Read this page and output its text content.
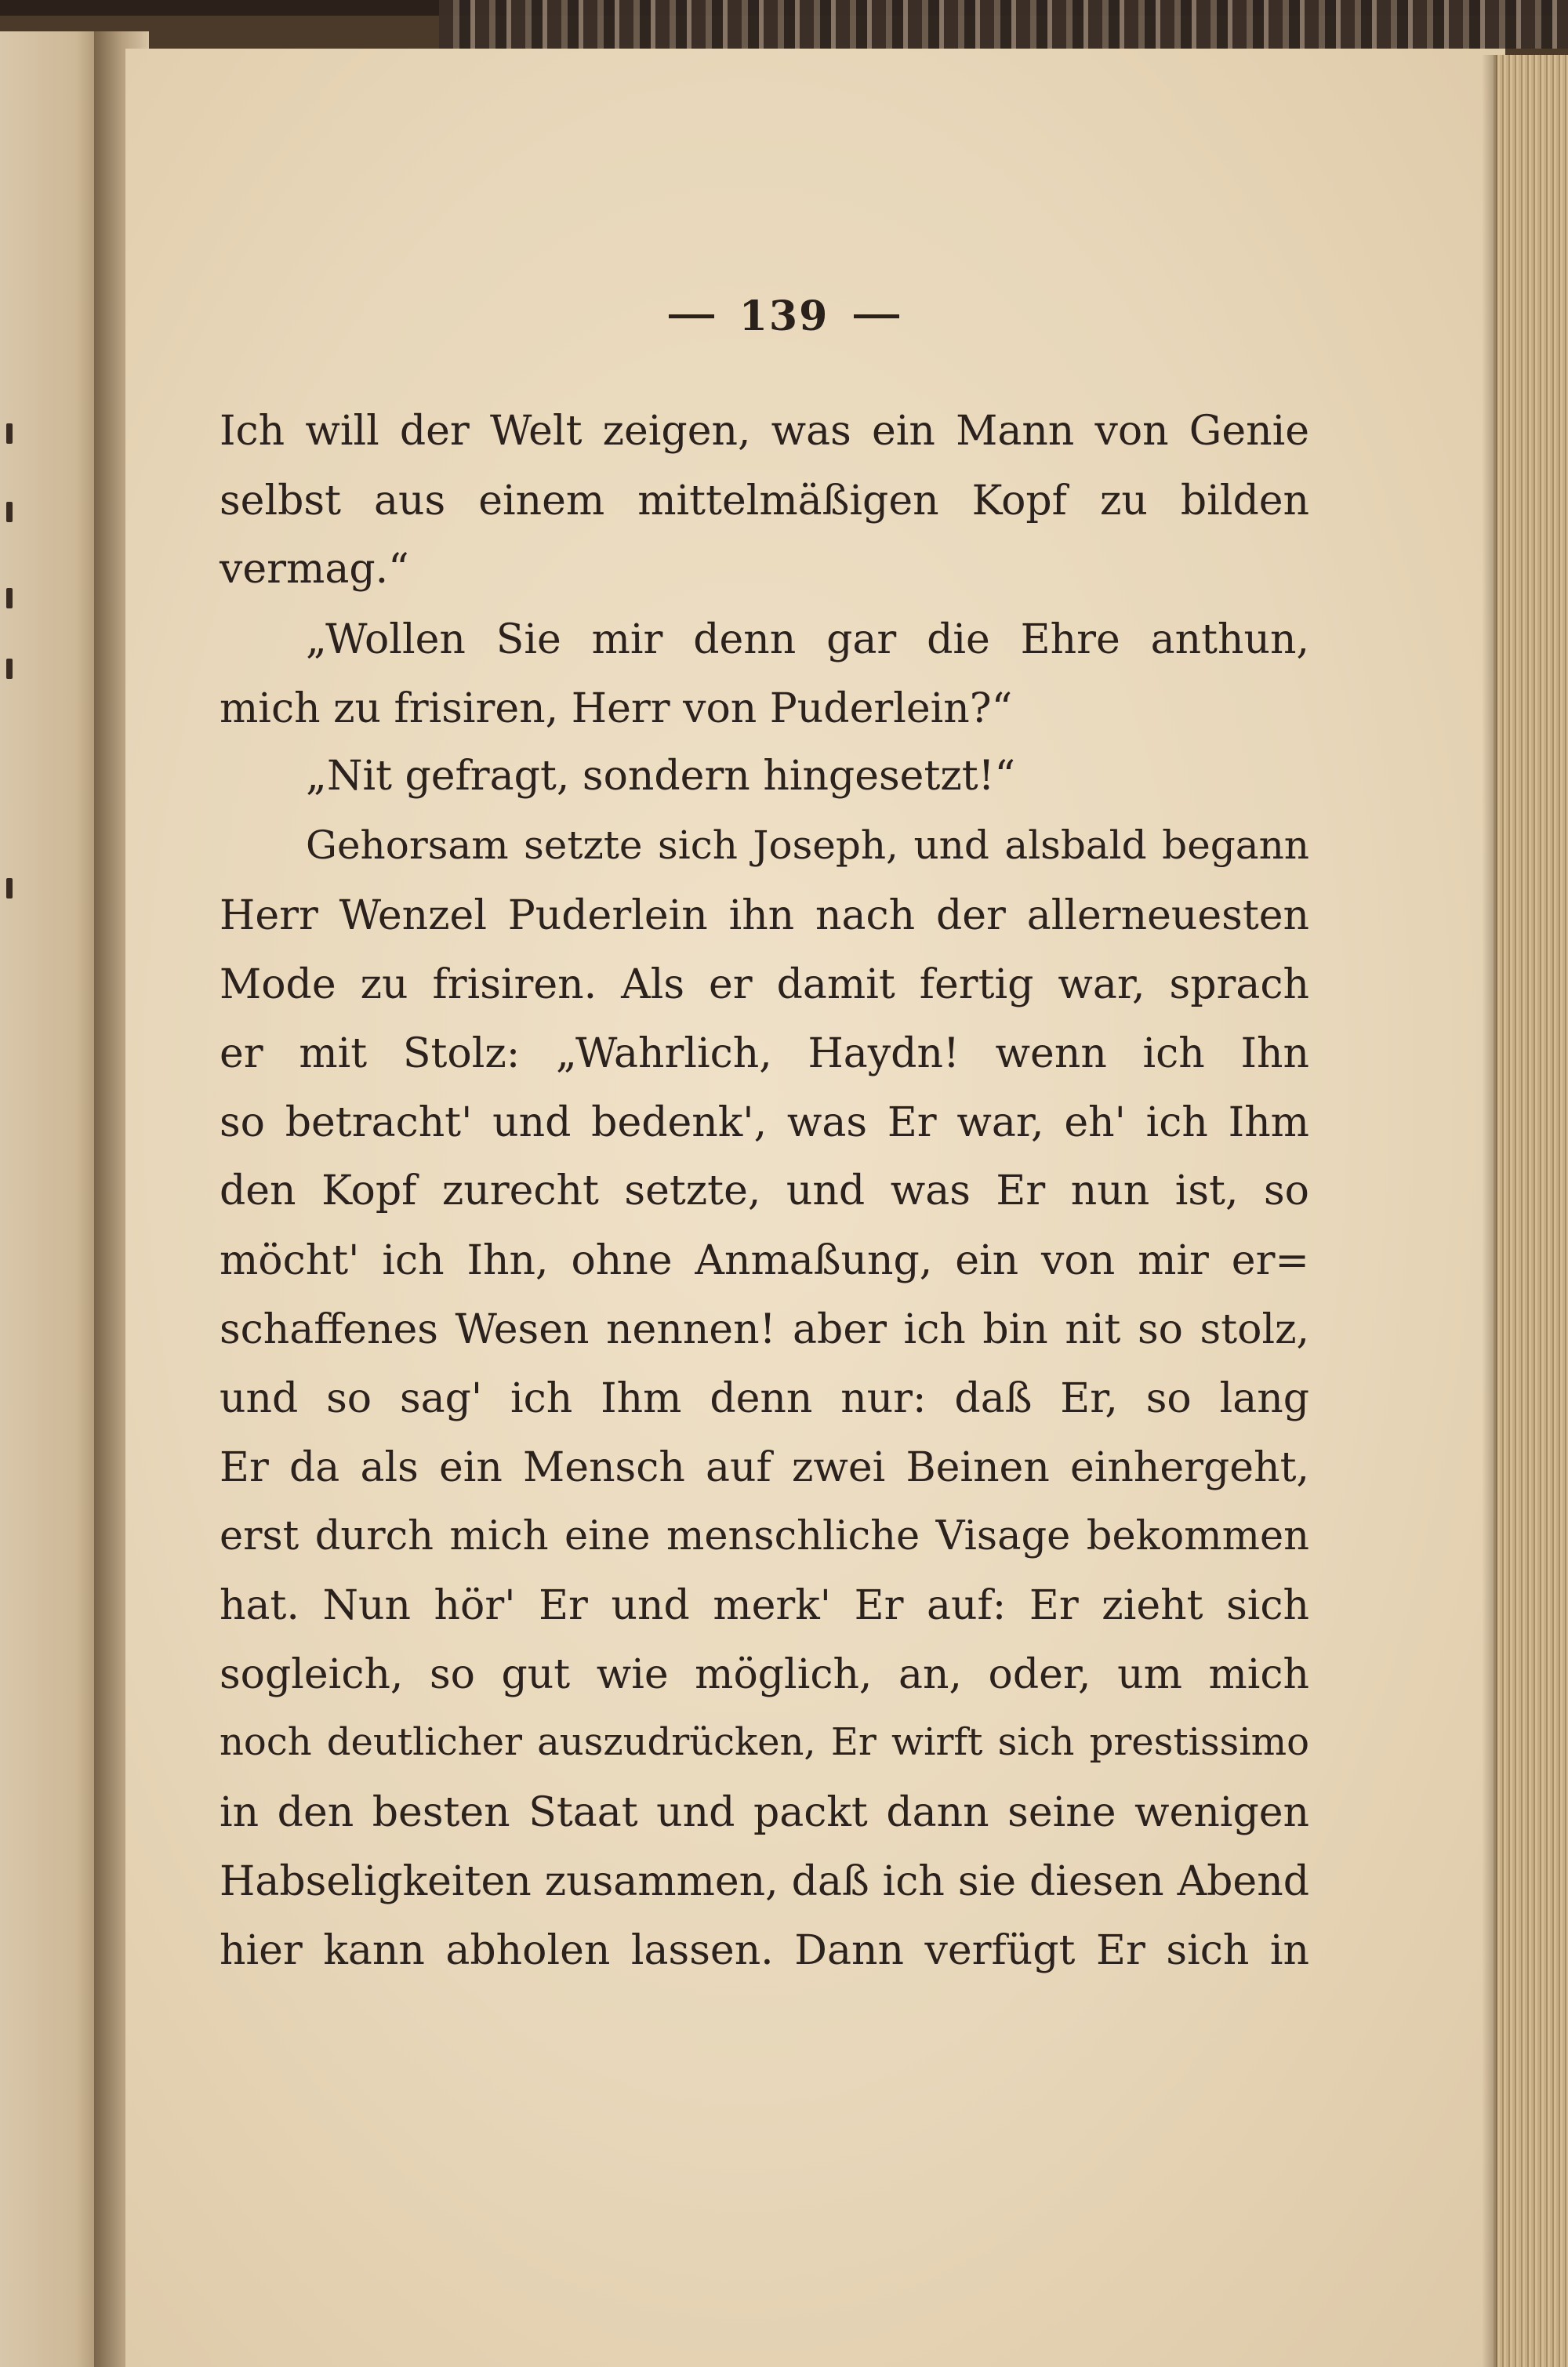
139
Ich will der Welt zeigen, was ein Mann von Genie
selbst aus einem mittelmäßigen Kopf zu bilden
vermag.“
„Wollen Sie mir denn gar die Ehre anthun,
mich zu frisiren, Herr von Puderlein?“
„Nit gefragt, sondern hingesetzt!“
Gehorsam setzte sich Joseph, und alsbald begann
Herr Wenzel Puderlein ihn nach der allerneuesten
Mode zu frisiren. Als er damit fertig war, sprach
er mit Stolz: „Wahrlich, Haydn! wenn ich Ihn
so betracht' und bedenk', was Er war, eh' ich Ihm
den Kopf zurecht setzte, und was Er nun ist, so
möcht' ich Ihn, ohne Anmaßung, ein von mir er=
schaffenes Wesen nennen! aber ich bin nit so stolz,
und so sag' ich Ihm denn nur: daß Er, so lang
Er da als ein Mensch auf zwei Beinen einhergeht,
erst durch mich eine menschliche Visage bekommen
hat. Nun hör' Er und merk' Er auf: Er zieht sich
sogleich, so gut wie möglich, an, oder, um mich
noch deutlicher auszudrücken, Er wirft sich prestissimo
in den besten Staat und packt dann seine wenigen
Habseligkeiten zusammen, daß ich sie diesen Abend
hier kann abholen lassen. Dann verfügt Er sich in
